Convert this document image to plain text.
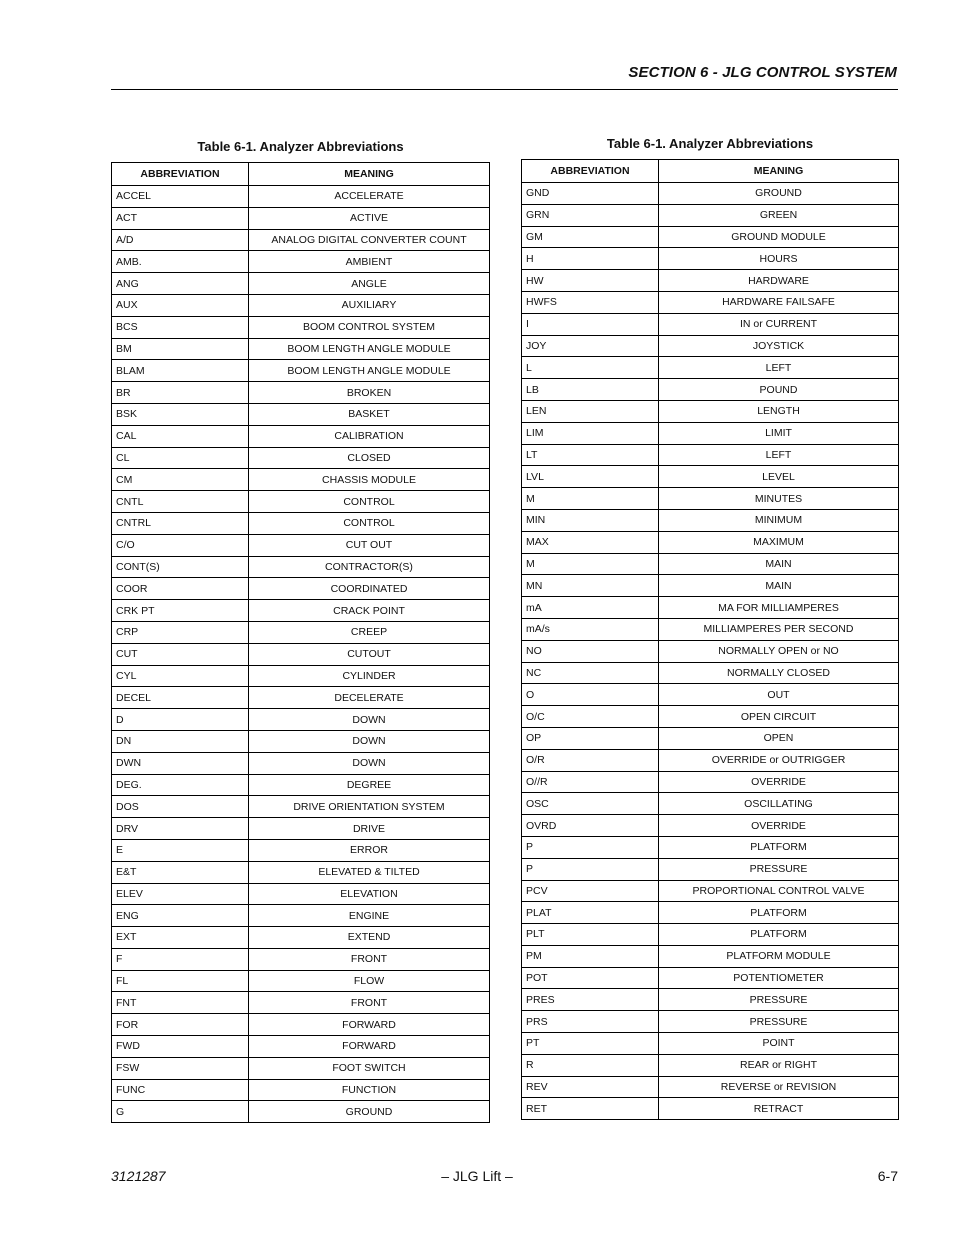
SECTION 6 - JLG CONTROL SYSTEM
Table 6-1. Analyzer Abbreviations
ABBREVIATION	MEANING
ACCEL	ACCELERATE
ACT	ACTIVE
A/D	ANALOG DIGITAL CONVERTER COUNT
AMB.	AMBIENT
ANG	ANGLE
AUX	AUXILIARY
BCS	BOOM CONTROL SYSTEM
BM	BOOM LENGTH ANGLE MODULE
BLAM	BOOM LENGTH ANGLE MODULE
BR	BROKEN
BSK	BASKET
CAL	CALIBRATION
CL	CLOSED
CM	CHASSIS MODULE
CNTL	CONTROL
CNTRL	CONTROL
C/O	CUT OUT
CONT(S)	CONTRACTOR(S)
COOR	COORDINATED
CRK PT	CRACK POINT
CRP	CREEP
CUT	CUTOUT
CYL	CYLINDER
DECEL	DECELERATE
D	DOWN
DN	DOWN
DWN	DOWN
DEG.	DEGREE
DOS	DRIVE ORIENTATION SYSTEM
DRV	DRIVE
E	ERROR
E&T	ELEVATED & TILTED
ELEV	ELEVATION
ENG	ENGINE
EXT	EXTEND
F	FRONT
FL	FLOW
FNT	FRONT
FOR	FORWARD
FWD	FORWARD
FSW	FOOT SWITCH
FUNC	FUNCTION
G	GROUND
Table 6-1. Analyzer Abbreviations
ABBREVIATION	MEANING
GND	GROUND
GRN	GREEN
GM	GROUND MODULE
H	HOURS
HW	HARDWARE
HWFS	HARDWARE FAILSAFE
I	IN or CURRENT
JOY	JOYSTICK
L	LEFT
LB	POUND
LEN	LENGTH
LIM	LIMIT
LT	LEFT
LVL	LEVEL
M	MINUTES
MIN	MINIMUM
MAX	MAXIMUM
M	MAIN
MN	MAIN
mA	MA FOR MILLIAMPERES
mA/s	MILLIAMPERES PER SECOND
NO	NORMALLY OPEN or NO
NC	NORMALLY CLOSED
O	OUT
O/C	OPEN CIRCUIT
OP	OPEN
O/R	OVERRIDE or OUTRIGGER
O//R	OVERRIDE
OSC	OSCILLATING
OVRD	OVERRIDE
P	PLATFORM
P	PRESSURE
PCV	PROPORTIONAL CONTROL VALVE
PLAT	PLATFORM
PLT	PLATFORM
PM	PLATFORM MODULE
POT	POTENTIOMETER
PRES	PRESSURE
PRS	PRESSURE
PT	POINT
R	REAR or RIGHT
REV	REVERSE or REVISION
RET	RETRACT
3121287	– JLG Lift –	6-7
